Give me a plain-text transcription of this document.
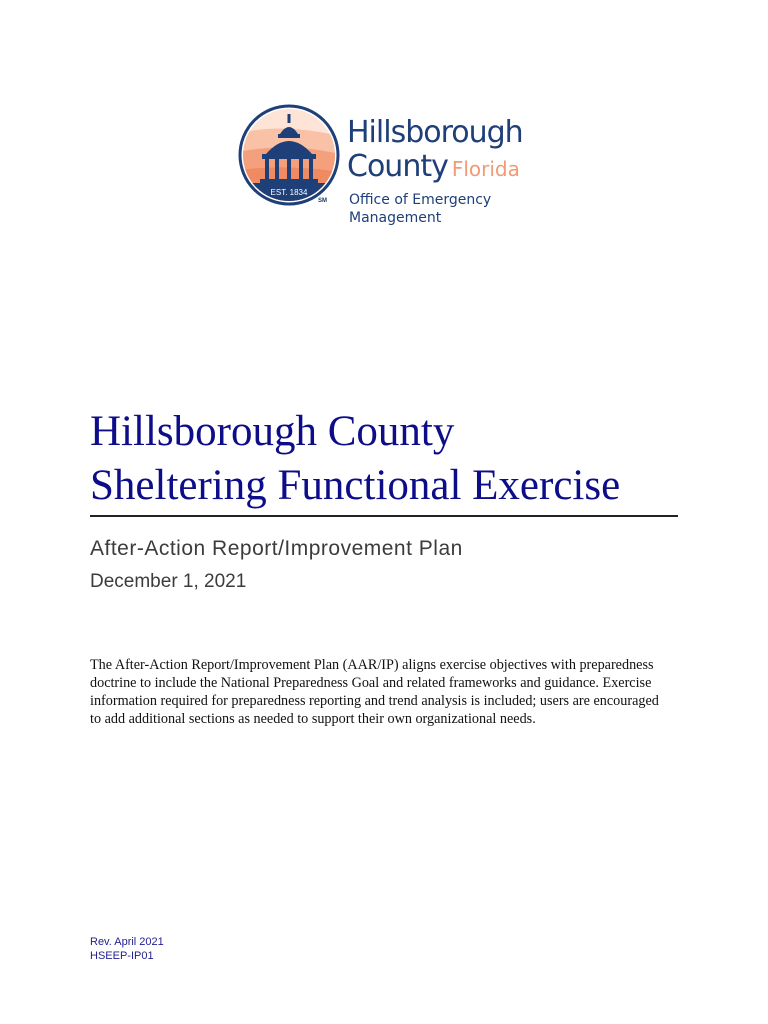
EST. 1834
SM
Hillsborough
County Florida
Office of Emergency
Management
Hillsborough County
Sheltering Functional Exercise
After-Action Report/Improvement Plan
December 1, 2021
The After-Action Report/Improvement Plan (AAR/IP) aligns exercise objectives with preparedness doctrine to include the National Preparedness Goal and related frameworks and guidance. Exercise information required for preparedness reporting and trend analysis is included; users are encouraged to add additional sections as needed to support their own organizational needs.
Rev. April 2021
HSEEP-IP01
